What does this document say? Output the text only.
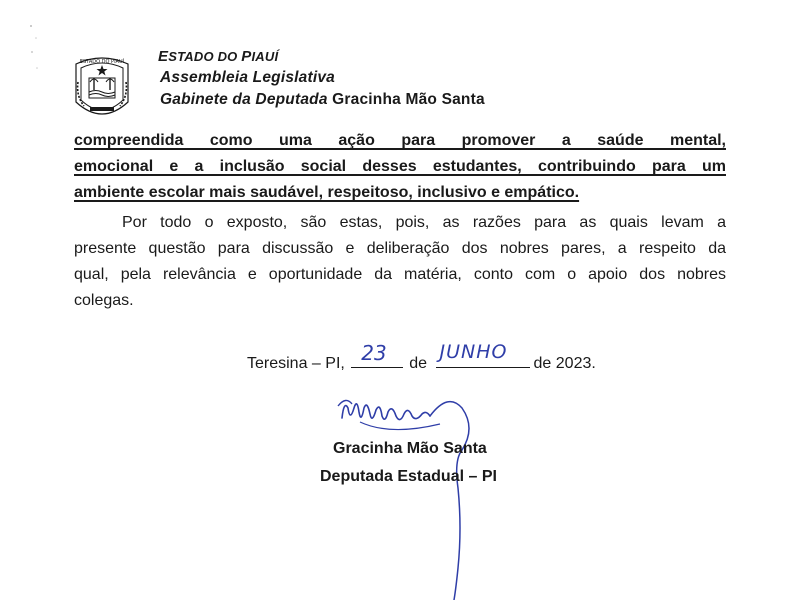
ESTADO DO PIAUÍ ESTADO DO PIAUÍ
Assembleia Legislativa
Gabinete da Deputada Gracinha Mão Santa
compreendida como uma ação para promover a saúde mental,
emocional e a inclusão social desses estudantes, contribuindo para um
ambiente escolar mais saudável, respeitoso, inclusivo e empático.
Por todo o exposto, são estas, pois, as razões para as quais levam a
presente questão para discussão e deliberação dos nobres pares, a respeito da
qual, pela relevância e oportunidade da matéria, conto com o apoio dos nobres
colegas.
Teresina – PI, 23 de
JUNHO
de 2023.
Gracinha Mão Santa
Deputada Estadual – PI
